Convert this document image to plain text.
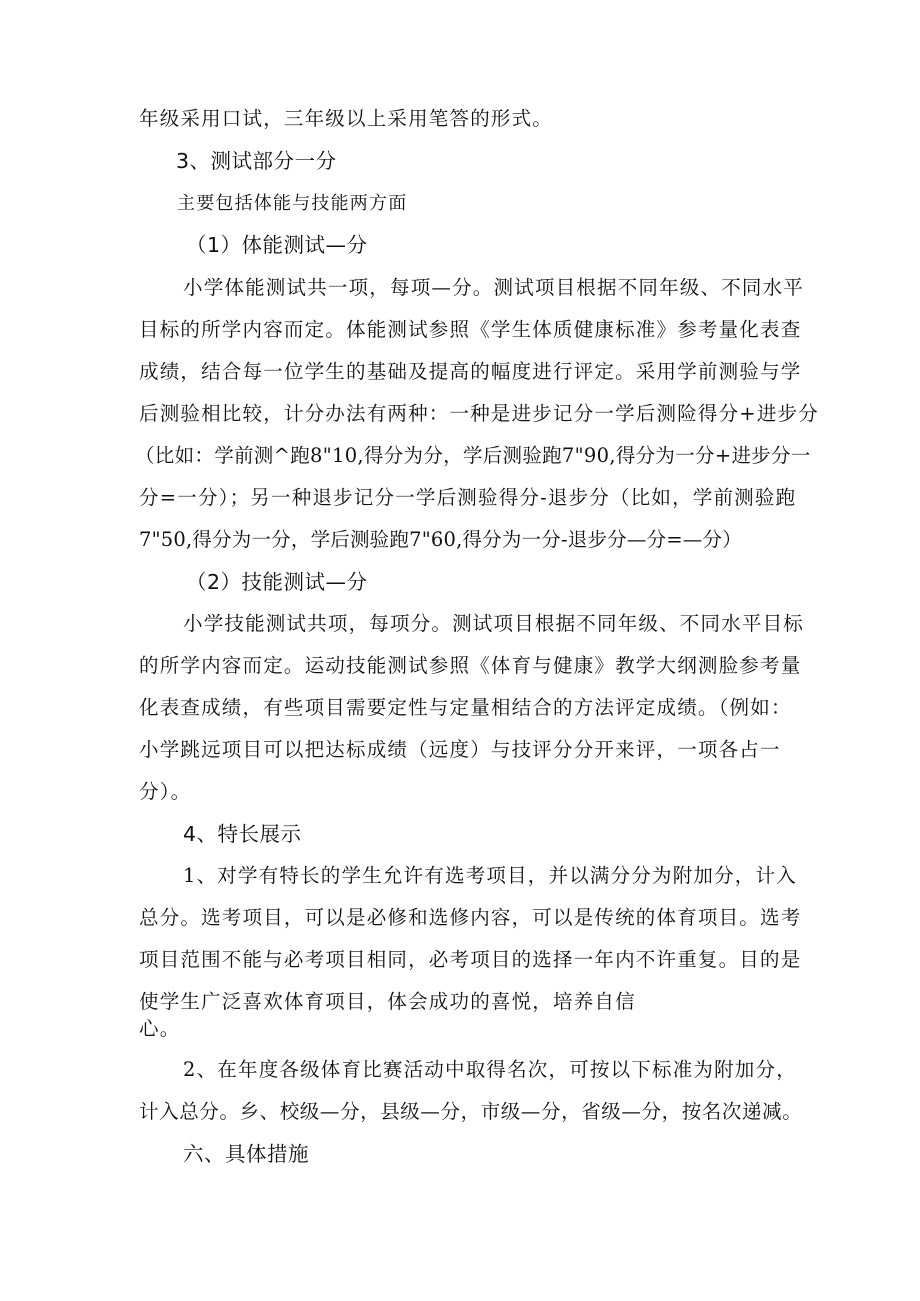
年级采用口试，三年级以上采用笔答的形式。
3、测试部分一分
主要包括体能与技能两方面
（1）体能测试—分
小学体能测试共一项，每项—分。测试项目根据不同年级、不同水平
目标的所学内容而定。体能测试参照《学生体质健康标准》参考量化表查
成绩，结合每一位学生的基础及提高的幅度进行评定。采用学前测验与学
后测验相比较，计分办法有两种：一种是进步记分一学后测险得分+进步分
（比如：学前测^跑8"10,得分为分，学后测验跑7"90,得分为一分+进步分一
分=一分）；另一种退步记分一学后测验得分-退步分（比如，学前测验跑
7"50,得分为一分，学后测验跑7"60,得分为一分-退步分—分=—分）
（2）技能测试—分
小学技能测试共项，每项分。测试项目根据不同年级、不同水平目标
的所学内容而定。运动技能测试参照《体育与健康》教学大纲测脸参考量
化表查成绩，有些项目需要定性与定量相结合的方法评定成绩。（例如：
小学跳远项目可以把达标成绩（远度）与技评分分开来评，一项各占一
分）。
4、特长展示
1、对学有特长的学生允许有选考项目，并以满分分为附加分，计入
总分。选考项目，可以是必修和选修内容，可以是传统的体育项目。选考
项目范围不能与必考项目相同，必考项目的选择一年内不许重复。目的是
使学生广泛喜欢体育项目，体会成功的喜悦，培养自信
心。
2、在年度各级体育比赛活动中取得名次，可按以下标准为附加分，
计入总分。乡、校级—分，县级—分，市级—分，省级—分，按名次递减。
六、具体措施
